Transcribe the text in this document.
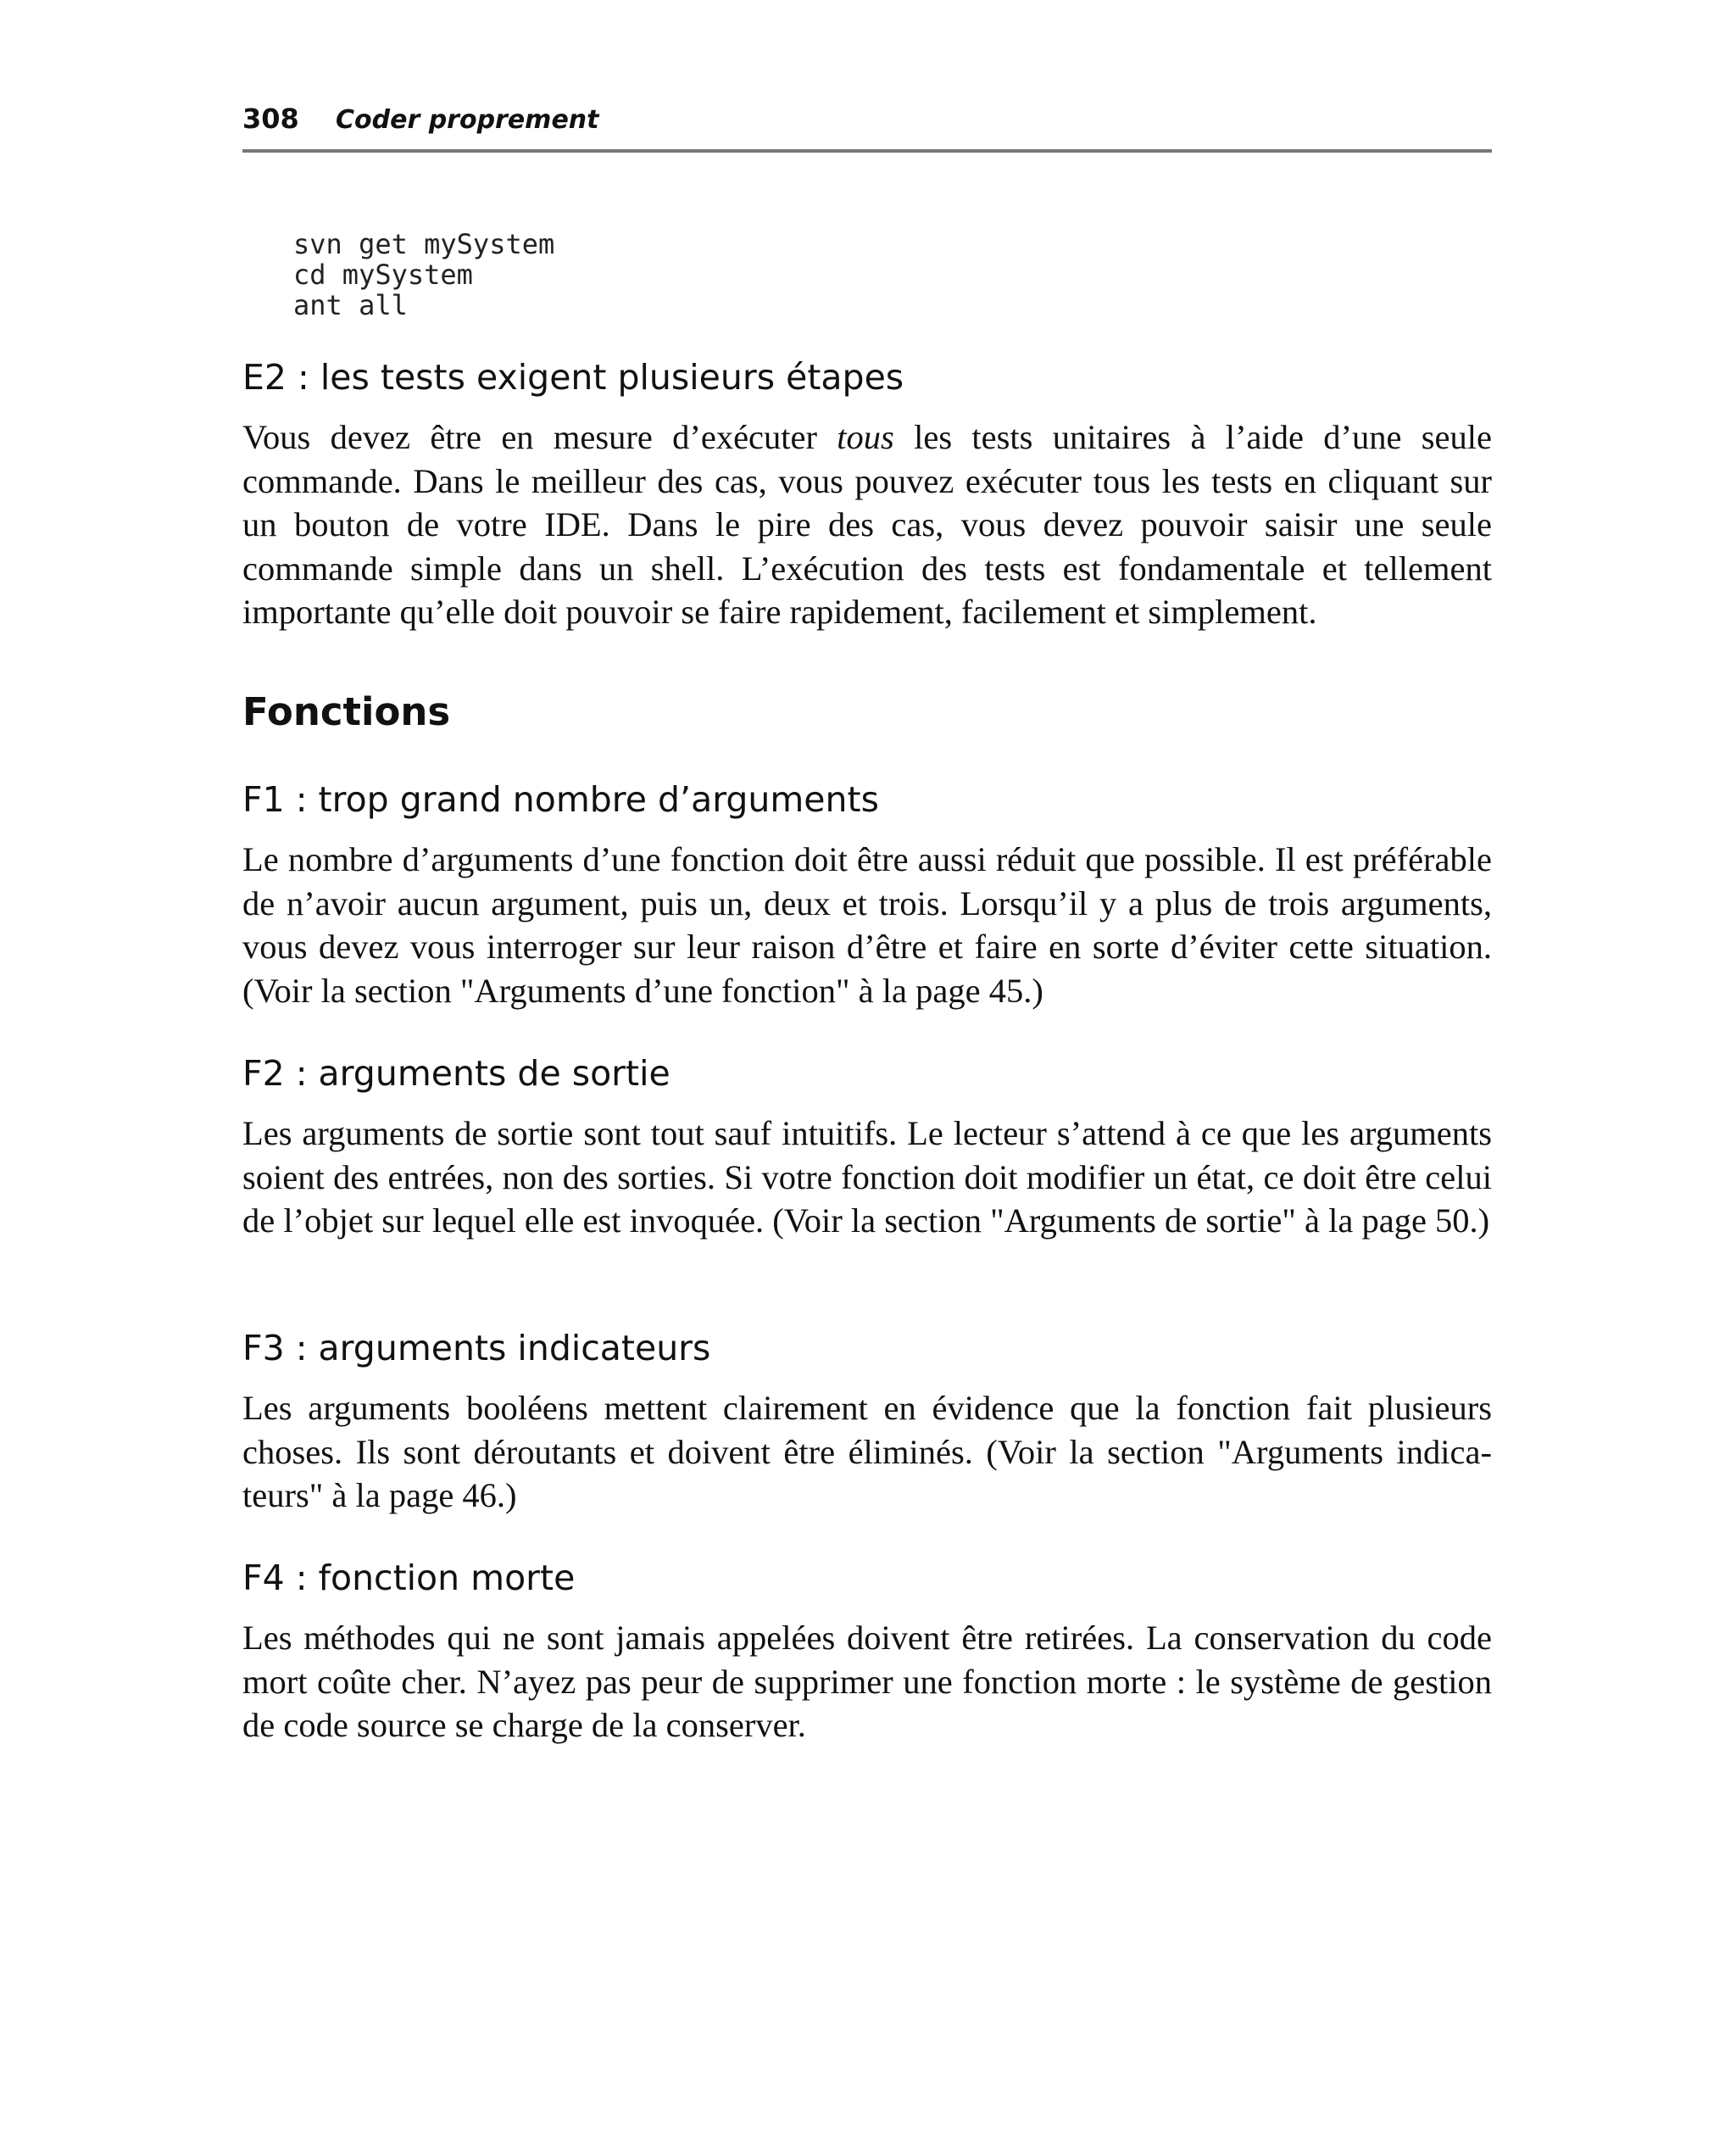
308 Coder proprement
svn get mySystem
cd mySystem
ant all
E2 : les tests exigent plusieurs étapes

Vous devez être en mesure d’exécuter tous les tests unitaires à l’aide d’une seule commande. Dans le meilleur des cas, vous pouvez exécuter tous les tests en cliquant sur un bouton de votre IDE. Dans le pire des cas, vous devez pouvoir saisir une seule commande simple dans un shell. L’exécution des tests est fondamentale et tellement importante qu’elle doit pouvoir se faire rapidement, facilement et simplement.

Fonctions
F1 : trop grand nombre d’arguments

Le nombre d’arguments d’une fonction doit être aussi réduit que possible. Il est préférable de n’avoir aucun argument, puis un, deux et trois. Lorsqu’il y a plus de trois arguments, vous devez vous interroger sur leur raison d’être et faire en sorte d’éviter cette situation. (Voir la section "Arguments d’une fonction" à la page 45.)

F2 : arguments de sortie

Les arguments de sortie sont tout sauf intuitifs. Le lecteur s’attend à ce que les arguments soient des entrées, non des sorties. Si votre fonction doit modifier un état, ce doit être celui de l’objet sur lequel elle est invoquée. (Voir la section "Arguments de sortie" à la page 50.)

F3 : arguments indicateurs

Les arguments booléens mettent clairement en évidence que la fonction fait plusieurs choses. Ils sont déroutants et doivent être éliminés. (Voir la section "Arguments indicateurs" à la page 46.)

F4 : fonction morte

Les méthodes qui ne sont jamais appelées doivent être retirées. La conservation du code mort coûte cher. N’ayez pas peur de supprimer une fonction morte : le système de gestion de code source se charge de la conserver.
